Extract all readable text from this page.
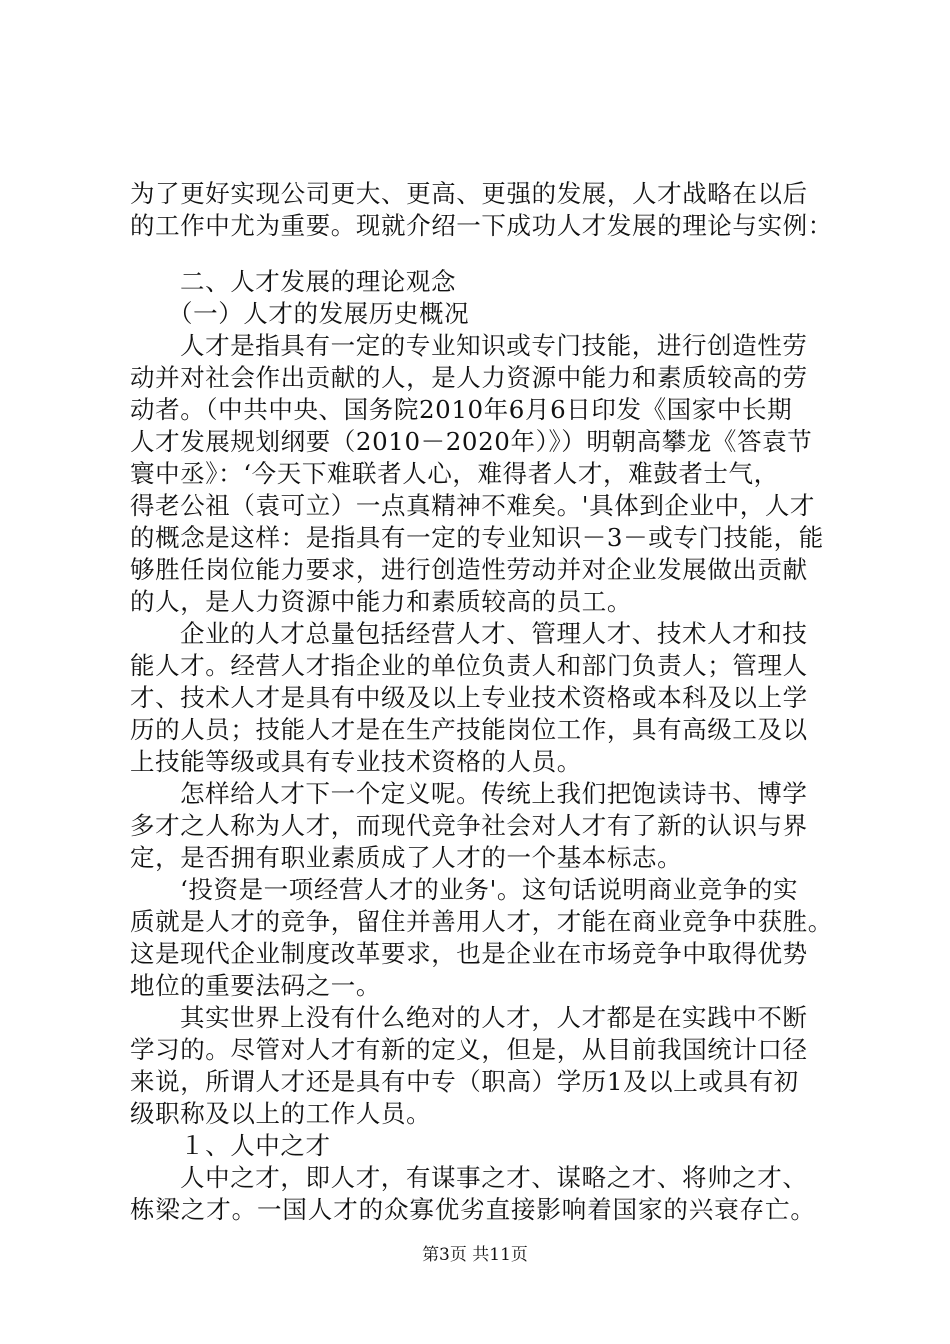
为了更好实现公司更大、更高、更强的发展，人才战略在以后
的工作中尤为重要。现就介绍一下成功人才发展的理论与实例：
二、人才发展的理论观念
（一）人才的发展历史概况
人才是指具有一定的专业知识或专门技能，进行创造性劳
动并对社会作出贡献的人，是人力资源中能力和素质较高的劳
动者。（中共中央、国务院2010年6月6日印发《国家中长期
人才发展规划纲要（2010－2020年）》）明朝高攀龙《答袁节
寰中丞》：‘今天下难联者人心，难得者人才，难鼓者士气，
得老公祖（袁可立）一点真精神不难矣。'具体到企业中，人才
的概念是这样：是指具有一定的专业知识－3－或专门技能，能
够胜任岗位能力要求，进行创造性劳动并对企业发展做出贡献
的人，是人力资源中能力和素质较高的员工。
企业的人才总量包括经营人才、管理人才、技术人才和技
能人才。经营人才指企业的单位负责人和部门负责人；管理人
才、技术人才是具有中级及以上专业技术资格或本科及以上学
历的人员；技能人才是在生产技能岗位工作，具有高级工及以
上技能等级或具有专业技术资格的人员。
怎样给人才下一个定义呢。传统上我们把饱读诗书、博学
多才之人称为人才，而现代竞争社会对人才有了新的认识与界
定，是否拥有职业素质成了人才的一个基本标志。
‘投资是一项经营人才的业务'。这句话说明商业竞争的实
质就是人才的竞争，留住并善用人才，才能在商业竞争中获胜。
这是现代企业制度改革要求，也是企业在市场竞争中取得优势
地位的重要法码之一。
其实世界上没有什么绝对的人才，人才都是在实践中不断
学习的。尽管对人才有新的定义，但是，从目前我国统计口径
来说，所谓人才还是具有中专（职高）学历1及以上或具有初
级职称及以上的工作人员。
１、人中之才
人中之才，即人才，有谋事之才、谋略之才、将帅之才、
栋梁之才。一国人才的众寡优劣直接影响着国家的兴衰存亡。
第3页 共11页
